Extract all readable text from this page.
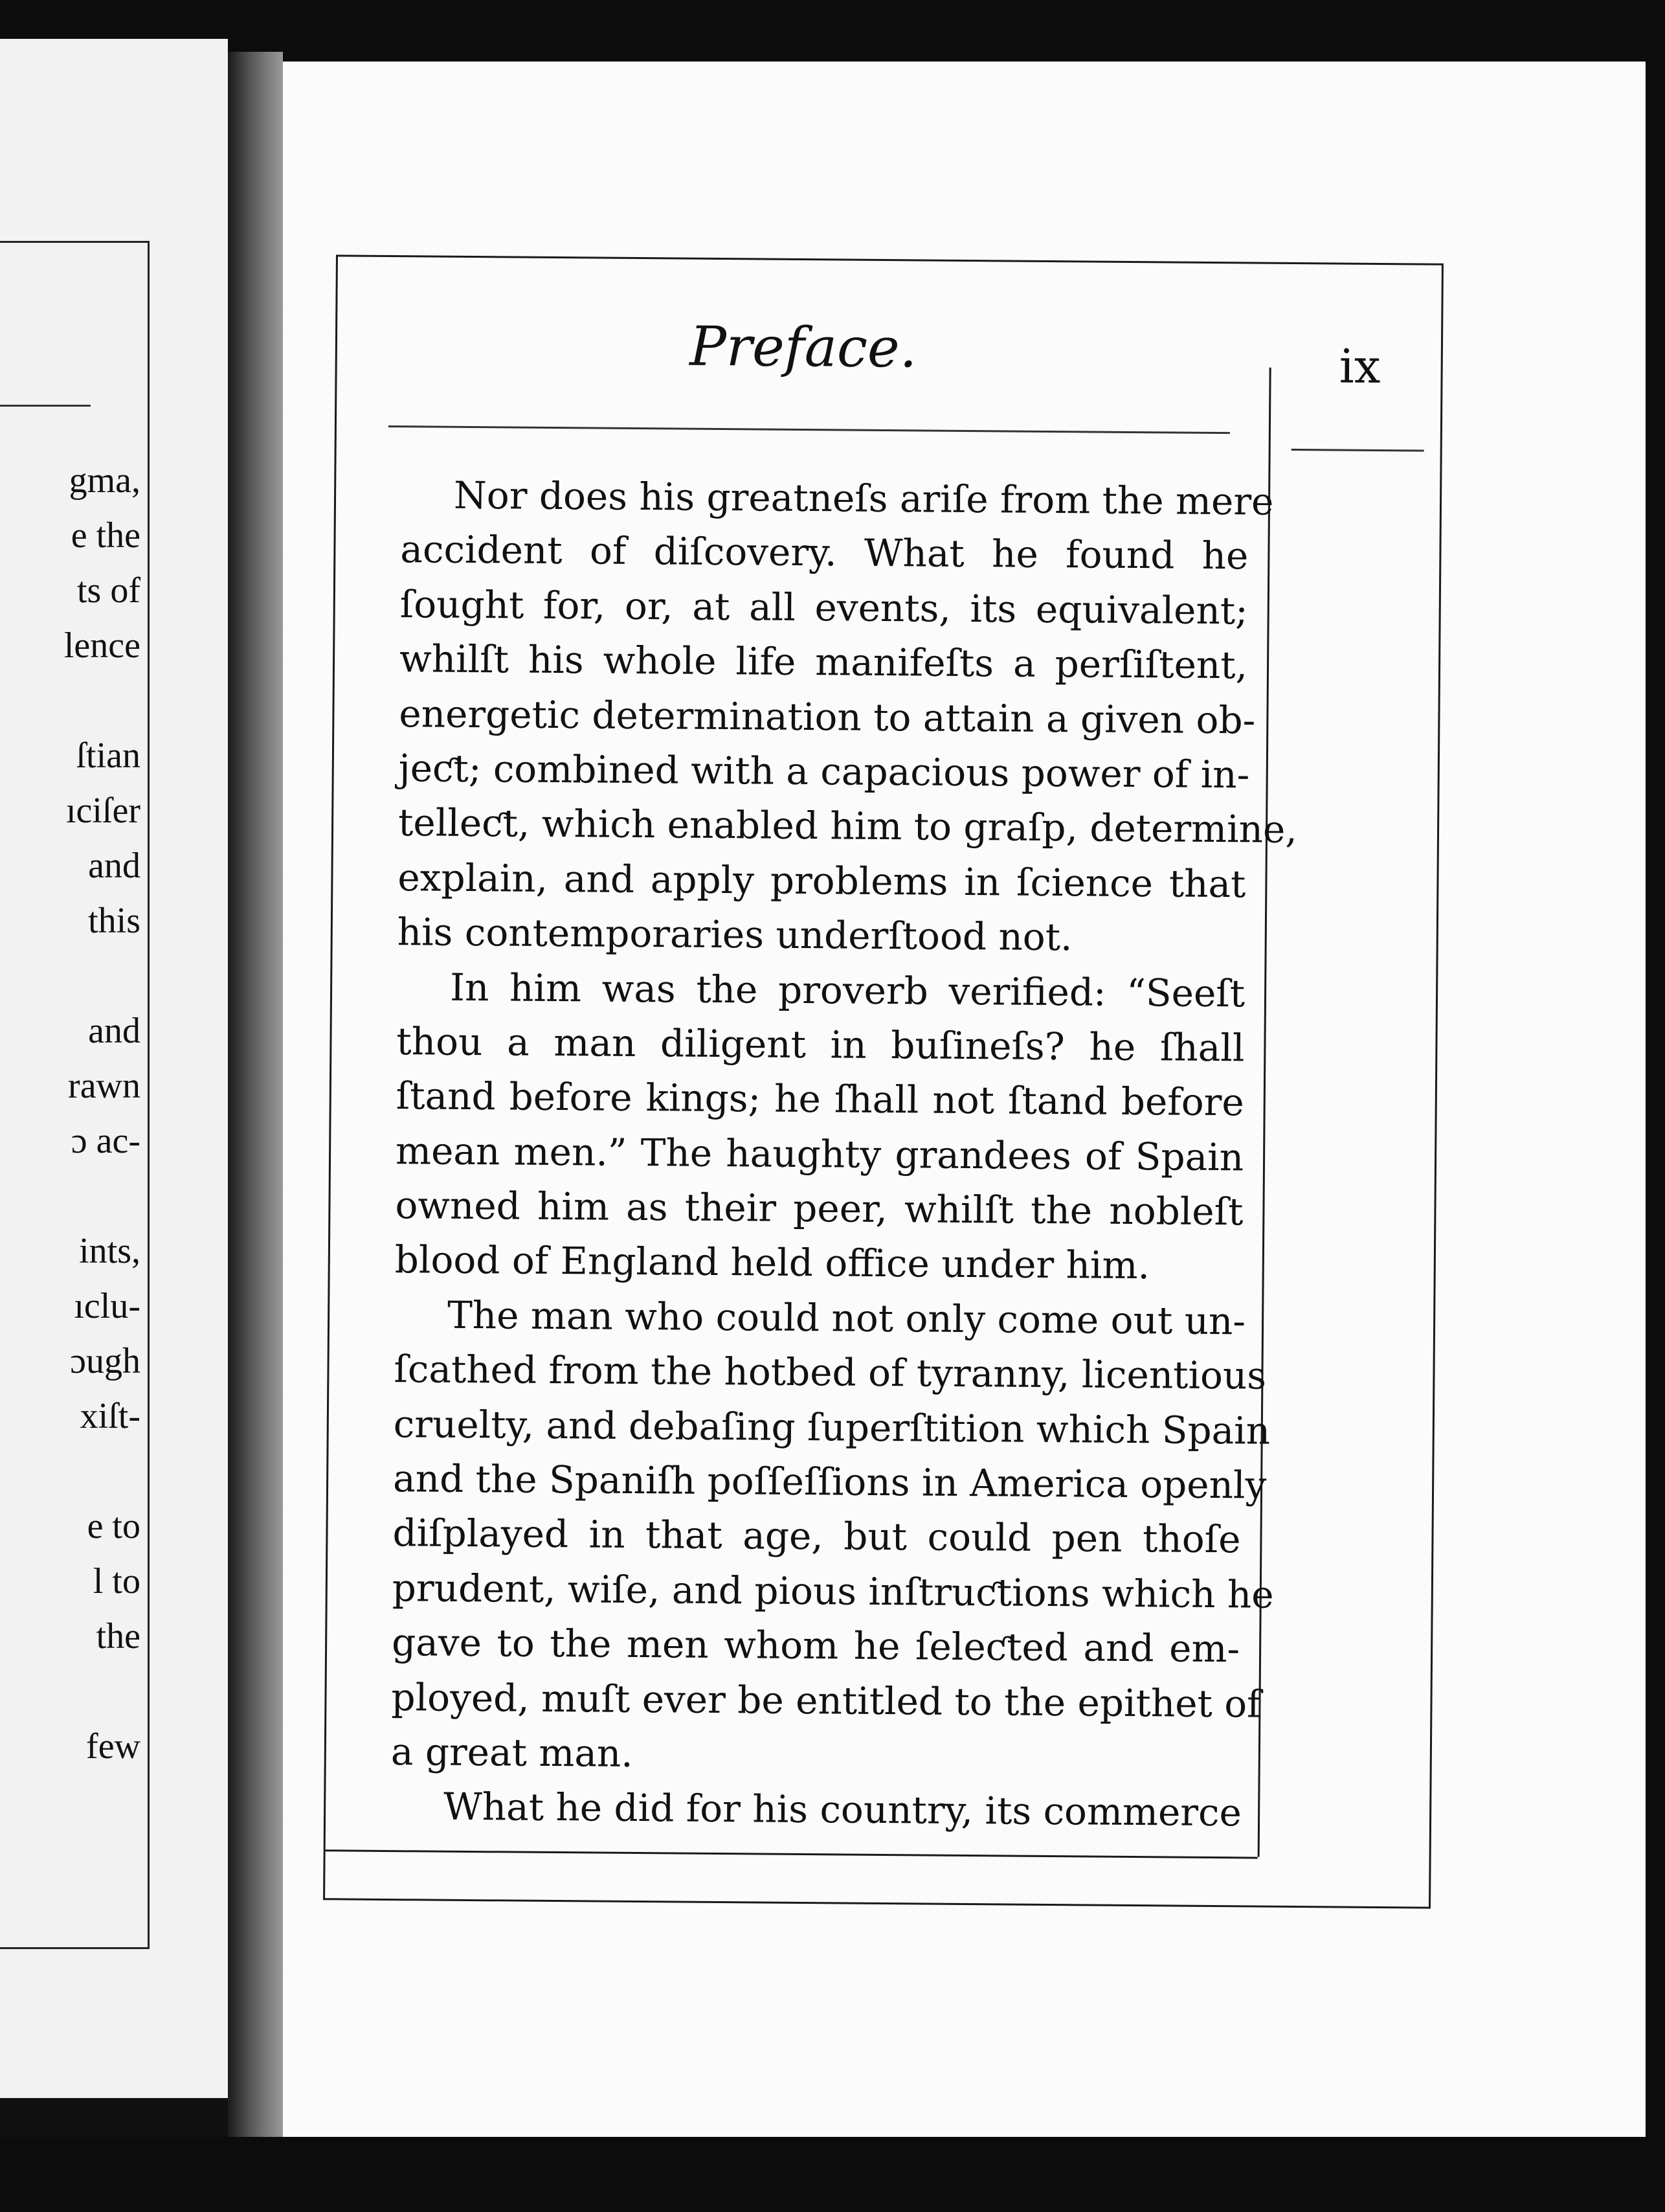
gma,
e the
ts of
lence
ſtian
ıciſer
and
this
and
rawn
ɔ ac-
ints,
ıclu-
ɔugh
xiſt-
e to
l to
the
few
Preface.	ix
Nor does his greatneſs ariſe from the mere
accident of diſcovery. What he found he
ſought for, or, at all events, its equivalent;
whilſt his whole life manifeſts a perſiſtent,
energetic determination to attain a given ob-
jeƈt; combined with a capacious power of in-
telleƈt, which enabled him to graſp, determine,
explain, and apply problems in ſcience that
his contemporaries underſtood not.
In him was the proverb verified: “Seeſt
thou a man diligent in buſineſs? he ſhall
ſtand before kings; he ſhall not ſtand before
mean men.” The haughty grandees of Spain
owned him as their peer, whilſt the nobleſt
blood of England held office under him.
The man who could not only come out un-
ſcathed from the hotbed of tyranny, licentious
cruelty, and debaſing ſuperſtition which Spain
and the Spaniſh poſſeſſions in America openly
diſplayed in that age, but could pen thoſe
prudent, wiſe, and pious inſtruƈtions which he
gave to the men whom he ſeleƈted and em-
ployed, muſt ever be entitled to the epithet of
a great man.
What he did for his country, its commerce
